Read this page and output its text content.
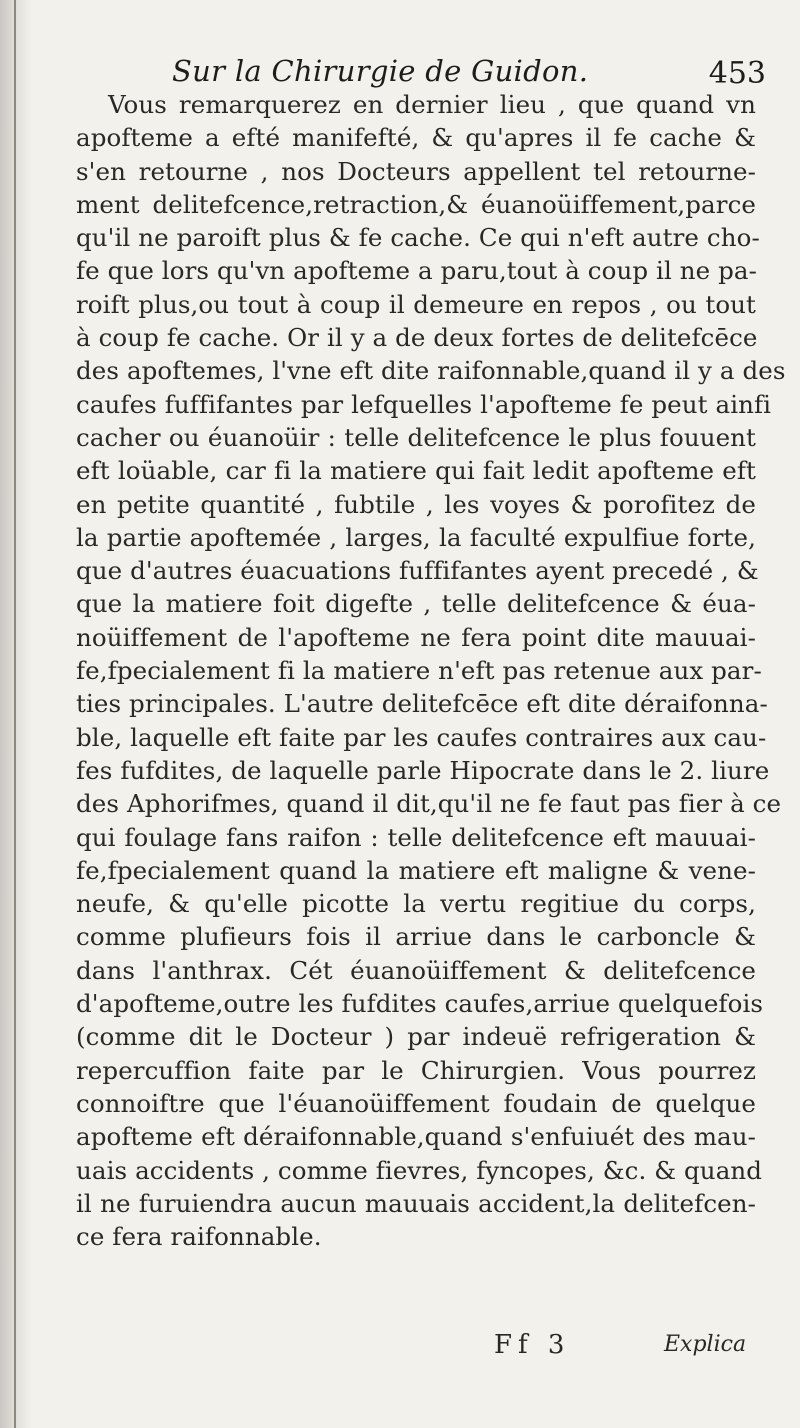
Sur la Chirurgie de Guidon.	453
Vous remarquerez en dernier lieu , que quand vn
apofteme a efté manifefté, & qu'apres il fe cache &
s'en retourne , nos Docteurs appellent tel retourne-
ment delitefcence,retraction,& éuanoüiffement,parce
qu'il ne paroift plus & fe cache. Ce qui n'eft autre cho-
fe que lors qu'vn apofteme a paru,tout à coup il ne pa-
roift plus,ou tout à coup il demeure en repos , ou tout
à coup fe cache. Or il y a de deux fortes de delitefcēce
des apoftemes, l'vne eft dite raifonnable,quand il y a des
caufes fuffifantes par lefquelles l'apofteme fe peut ainfi
cacher ou éuanoüir : telle delitefcence le plus fouuent
eft loüable, car fi la matiere qui fait ledit apofteme eft
en petite quantité , fubtile , les voyes & porofitez de
la partie apoftemée , larges, la faculté expulfiue forte,
que d'autres éuacuations fuffifantes ayent precedé , &
que la matiere foit digefte , telle delitefcence & éua-
noüiffement de l'apofteme ne fera point dite mauuai-
fe,fpecialement fi la matiere n'eft pas retenue aux par-
ties principales. L'autre delitefcēce eft dite déraifonna-
ble, laquelle eft faite par les caufes contraires aux cau-
fes fufdites, de laquelle parle Hipocrate dans le 2. liure
des Aphorifmes, quand il dit,qu'il ne fe faut pas fier à ce
qui foulage fans raifon : telle delitefcence eft mauuai-
fe,fpecialement quand la matiere eft maligne & vene-
neufe, & qu'elle picotte la vertu regitiue du corps,
comme plufieurs fois il arriue dans le carboncle &
dans l'anthrax. Cét éuanoüiffement & delitefcence
d'apofteme,outre les fufdites caufes,arriue quelquefois
(comme dit le Docteur ) par indeuë refrigeration &
repercuffion faite par le Chirurgien. Vous pourrez
connoiftre que l'éuanoüiffement foudain de quelque
apofteme eft déraifonnable,quand s'enfuiuét des mau-
uais accidents , comme fievres, fyncopes, &c. & quand
il ne furuiendra aucun mauuais accident,la delitefcen-
ce fera raifonnable.
Ff 3	Explica
